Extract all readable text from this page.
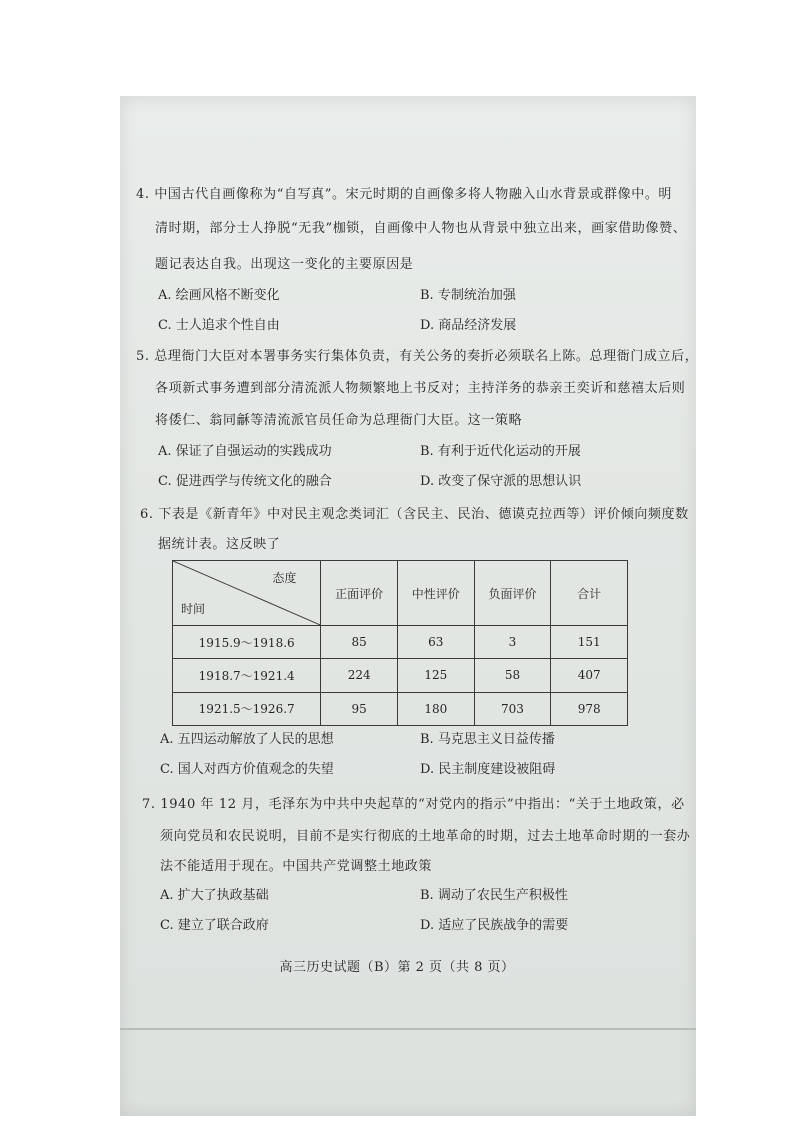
4. 中国古代自画像称为“自写真”。宋元时期的自画像多将人物融入山水背景或群像中。明
清时期，部分士人挣脱“无我”枷锁，自画像中人物也从背景中独立出来，画家借助像赞、
题记表达自我。出现这一变化的主要原因是
A. 绘画风格不断变化	B. 专制统治加强
C. 士人追求个性自由	D. 商品经济发展
5. 总理衙门大臣对本署事务实行集体负责，有关公务的奏折必须联名上陈。总理衙门成立后，
各项新式事务遭到部分清流派人物频繁地上书反对；主持洋务的恭亲王奕䜣和慈禧太后则
将倭仁、翁同龢等清流派官员任命为总理衙门大臣。这一策略
A. 保证了自强运动的实践成功	B. 有利于近代化运动的开展
C. 促进西学与传统文化的融合	D. 改变了保守派的思想认识
6. 下表是《新青年》中对民主观念类词汇（含民主、民治、德谟克拉西等）评价倾向频度数
据统计表。这反映了
态度
时间	正面评价	中性评价	负面评价	合计
1915.9～1918.6	85	63	3	151
1918.7～1921.4	224	125	58	407
1921.5～1926.7	95	180	703	978
A. 五四运动解放了人民的思想	B. 马克思主义日益传播
C. 国人对西方价值观念的失望	D. 民主制度建设被阻碍
7. 1940 年 12 月，毛泽东为中共中央起草的“对党内的指示”中指出：“关于土地政策，必
须向党员和农民说明，目前不是实行彻底的土地革命的时期，过去土地革命时期的一套办
法不能适用于现在。中国共产党调整土地政策
A. 扩大了执政基础	B. 调动了农民生产积极性
C. 建立了联合政府	D. 适应了民族战争的需要
高三历史试题（B）第 2 页（共 8 页）
